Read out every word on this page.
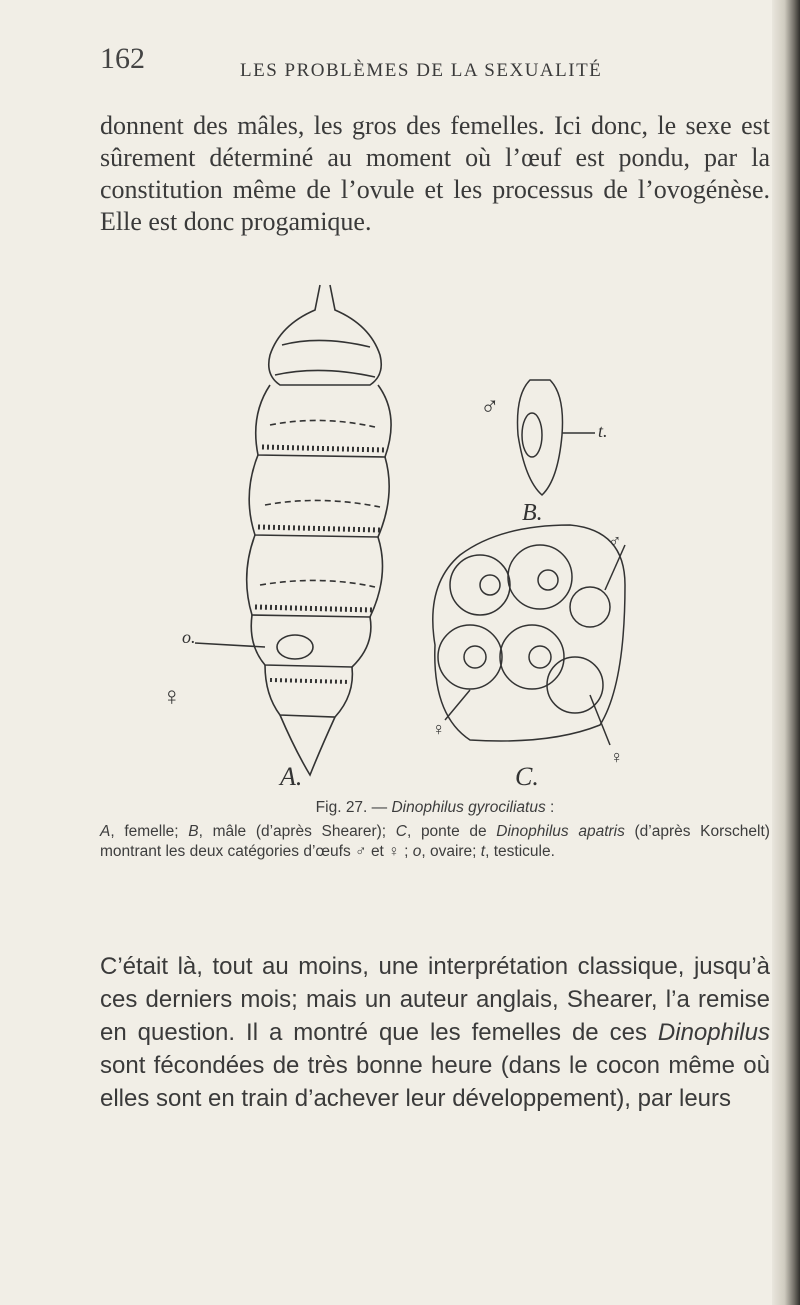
162	LES PROBLÈMES DE LA SEXUALITÉ

donnent des mâles, les gros des femelles. Ici donc, le sexe est sûrement déterminé au moment où l’œuf est pondu, par la constitution même de l’ovule et les processus de l’ovogénèse. Elle est donc progamique.

o.
♀
A.
♂
t.
B.
♂
♀
♀
C.

Fig. 27. — Dinophilus gyrociliatus :

A, femelle; B, mâle (d’après Shearer); C, ponte de Dinophilus apatris (d’après Korschelt) montrant les deux catégories d’œufs ♂ et ♀ ; o, ovaire; t, testicule.

C’était là, tout au moins, une interprétation classique, jusqu’à ces derniers mois; mais un auteur anglais, Shearer, l’a remise en question. Il a montré que les femelles de ces Dinophilus sont fécondées de très bonne heure (dans le cocon même où elles sont en train d’achever leur développement), par leurs
